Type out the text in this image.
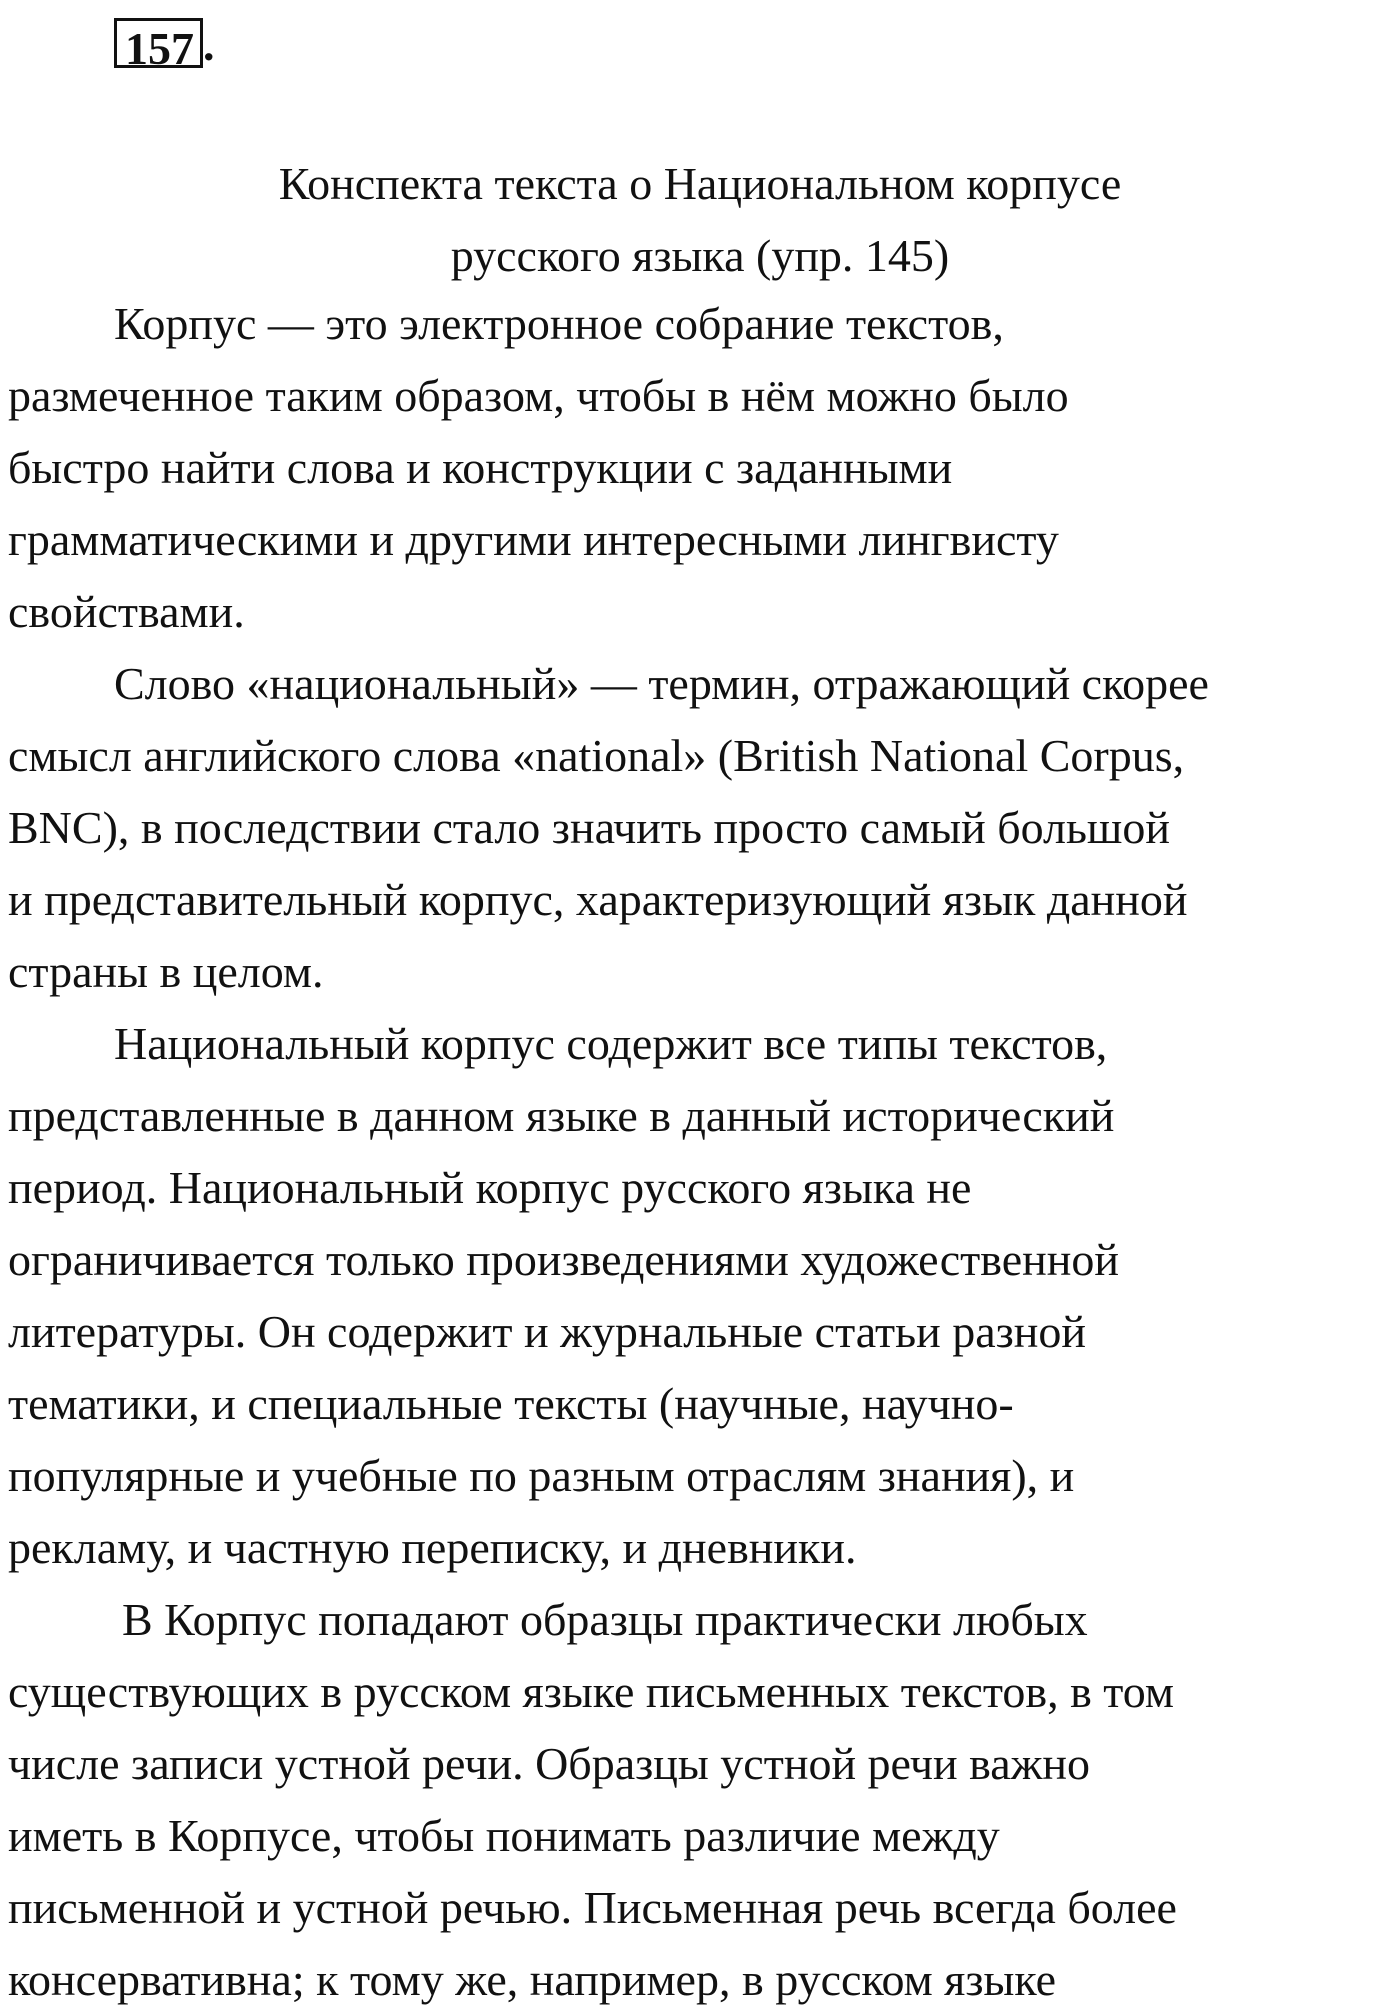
157 .
Конспекта текста о Национальном корпусе
русского языка (упр. 145)
Корпус — это электронное собрание текстов,
размеченное таким образом, чтобы в нём можно было
быстро найти слова и конструкции с заданными
грамматическими и другими интересными лингвисту
свойствами.
Слово «национальный» — термин, отражающий скорее
смысл английского слова «national» (British National Corpus,
BNC), в последствии стало значить просто самый большой
и представительный корпус, характеризующий язык данной
страны в целом.
Национальный корпус содержит все типы текстов,
представленные в данном языке в данный исторический
период. Национальный корпус русского языка не
ограничивается только произведениями художественной
литературы. Он содержит и журнальные статьи разной
тематики, и специальные тексты (научные, научно-
популярные и учебные по разным отраслям знания), и
рекламу, и частную переписку, и дневники.
В Корпус попадают образцы практически любых
существующих в русском языке письменных текстов, в том
числе записи устной речи. Образцы устной речи важно
иметь в Корпусе, чтобы понимать различие между
письменной и устной речью. Письменная речь всегда более
консервативна; к тому же, например, в русском языке
